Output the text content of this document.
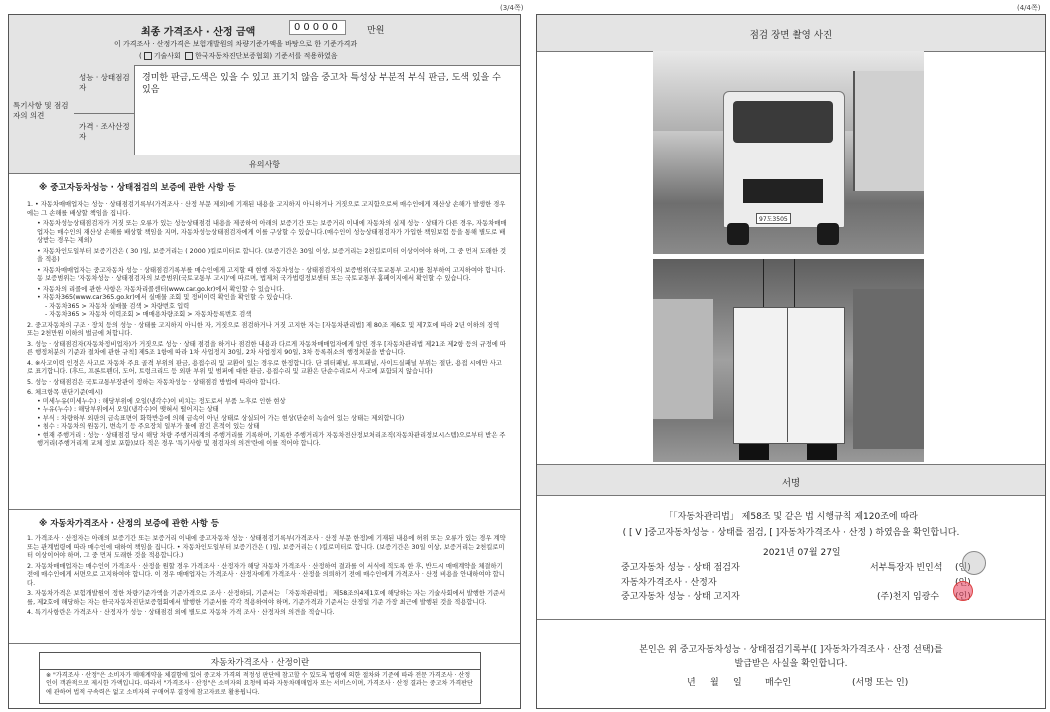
(3/4쪽)
최종 가격조사 · 산정 금액	00000	만원
이 가격조사 · 산정가격은 보험개발원의 차량기준가액을 바탕으로 한 기준가격과
( 기술사회 한국자동차진단보증협회) 기준서를 적용하였음
특기사항 및 점검자의 의견
성능 · 상태점검자
경미한 판금,도색은 있을 수 있고 표기치 않음 중고차 특성상 부분적 부식 판금, 도색 있을 수 있음
가격 · 조사산정자
유의사항
※ 중고자동차성능 · 상태점검의 보증에 관한 사항 등

1. • 자동차매매업자는 성능 · 상태점검기록부(가격조사 · 산정 부문 제외)에 기재된 내용을 고지하지 아니하거나 거짓으로 고지함으로써 매수인에게 재산상 손해가 발생한 경우에는 그 손해를 배상할 책임을 집니다.

• 자동차성능상태점검자가 거짓 또는 오류가 있는 성능상태점검 내용을 제공하여 아래의 보증기간 또는 보증거리 이내에 자동차의 실제 성능 · 상태가 다른 경우, 자동차매매업자는 매수인의 재산상 손해를 배상할 책임을 지며, 자동차성능상태점검자에게 이를 구상할 수 있습니다.(매수인이 성능상태점검자가 가입한 책임보험 등을 통해 별도로 배상받는 경우는 제외)

• 자동차인도일부터 보증기간은 ( 30 )일, 보증거리는 ( 2000 )킬로미터로 합니다. (보증기간은 30일 이상, 보증거리는 2천킬로미터 이상이어야 하며, 그 중 먼저 도래한 것을 적용)

• 자동차매매업자는 중고자동차 성능 · 상태점검기록부를 매수인에게 고지할 때 현행 자동차성능 · 상태점검자의 보증범위(국토교통부 고시)를 첨부하여 고지하여야 합니다. 동 보증범위는 '자동차성능 · 상태점검자의 보증범위(국토교통부 고시)'에 따르며, 법제처 국가법령정보센터 또는 국토교통부 홈페이지에서 확인할 수 있습니다.

• 자동차의 리콜에 관한 사항은 자동차리콜센터(www.car.go.kr)에서 확인할 수 있습니다.

• 자동차365(www.car365.go.kr)에서 실매물 조회 및 정비이력 확인을 확인할 수 있습니다.

- 자동차365 > 자동차 실매물 검색 > 차량번호 입력

- 자동차365 > 자동차 이력조회 > 매매용차량조회 > 자동차등록번호 검색

2. 중고자동차의 구조 · 장치 등의 성능 · 상태를 고지하지 아니한 자, 거짓으로 점검하거나 거짓 고지한 자는 [자동차관리법] 제 80조 제6호 및 제7호에 따라 2년 이하의 징역 또는 2천만원 이하의 벌금에 처합니다.

3. 성능 · 상태점검자(자동차정비업자)가 거짓으로 성능 · 상태 점검을 하거나 점검한 내용과 다르게 자동차매매업자에게 알린 경우 [자동차관리법 제21조 제2항 등의 규정에 따른 행정처분의 기준과 절차에 관한 규칙] 제5조 1항에 따라 1차 사업정지 30일, 2차 사업정지 90일, 3차 등록취소의 행정처분을 받습니다.

4. ※사고이력 인정은 사고로 자동차 주요 골격 부위의 판금, 용접수리 및 교환이 있는 경우로 한정합니다. 단 쿼터패널, 루프패널, 사이드실패널 부위는 절단, 용접 시에만 사고로 표기합니다. (후드, 프론트펜더, 도어, 트렁크리드 등 외판 부위 및 범퍼에 대한 판금, 용접수리 및 교환은 단순수리로서 사고에 포함되지 않습니다)

5. 성능 · 상태점검은 국토교통부장관이 정하는 자동차성능 · 상태점검 방법에 따라야 합니다.

6. 체크항목 판단기준(예시)

• 미세누유(미세누수) : 해당부위에 오일(냉각수)이 비치는 정도로서 부품 노후로 인한 현상

• 누유(누수) : 해당부위에서 오일(냉각수)이 맺혀서 떨어지는 상태

• 부식 : 차량하부 외판의 금속표면이 화학반응에 의해 금속이 아닌 상태로 상실되어 가는 현상(단순히 녹슬어 있는 상태는 제외합니다)

• 침수 : 자동차의 원동기, 변속기 등 주요장치 일부가 물에 잠긴 흔적이 있는 상태

• 현재 주행거리 : 성능 · 상태점검 당시 해당 차량 주행거리계의 주행거리를 기록하며, 기록한 주행거리가 자동차전산정보처리조직(자동차관리정보시스템)으로부터 받은 주행거리(주행거리계 교체 정보 포함)보다 적은 경우 '특기사항 및 점검자의 의견'란에 이를 적어야 합니다.

※ 자동차가격조사 · 산정의 보증에 관한 사항 등

1. 가격조사 · 산정자는 아래의 보증기간 또는 보증거리 이내에 중고자동차 성능 · 상태점검기록부(가격조사 · 산정 부문 한정)에 기재된 내용에 허위 또는 오류가 있는 경우 계약 또는 관계법령에 따라 매수인에 대하여 책임을 집니다. • 자동차인도일부터 보증기간은 ( )일, 보증거리는 ( )킬로미터로 합니다. (보증기간은 30일 이상, 보증거리는 2천킬로미터 이상이어야 하며, 그 중 먼저 도래한 것을 적용합니다.)

2. 자동차매매업자는 매수인이 가격조사 · 산정을 원할 경우 가격조사 · 산정자가 해당 자동차 가격조사 · 산정하여 결과를 이 서식에 적도록 한 후, 반드시 매매계약을 체결하기 전에 매수인에게 서면으로 고지하여야 합니다. 이 경우 매매업자는 가격조사 · 산정자에게 가격조사 · 산정을 의뢰하기 전에 매수인에게 가격조사 · 산정 비용을 안내하여야 합니다.

3. 자동차가격은 보험개발원이 정한 차량기준가액을 기준가격으로 조사 · 산정하되, 기준서는 「자동차관리법」 제58조의4제1호에 해당하는 자는 기술사회에서 발행한 기준서를, 제2호에 해당하는 자는 한국자동차진단보증협회에서 발행한 기준서를 각각 적용하여야 하며, 기준가격과 기준서는 산정일 기준 가장 최근에 발행된 것을 적용합니다.

4. 특기사항란은 가격조사 · 산정자가 성능 · 상태점검 외에 별도로 자동차 가격 조사 · 산정자의 의견을 적습니다.

자동차가격조사 · 산정이란
※ "가격조사 · 산정"은 소비자가 매매계약을 체결함에 있어 중고차 가격의 적정성 판단에 참고할 수 있도록 법령에 의한 절차와 기준에 따라 전문 가격조사 · 산정인이 객관적으로 제시한 가액입니다. 따라서 "가격조사 · 산정"은 소비자의 요청에 따라 자동차매매업자 또는 서비스이며, 가격조사 · 산정 결과는 중고차 가격판단에 관하여 법적 구속력은 없고 소비자의 구매여부 결정에 참고자료로 활용됩니다.
(4/4쪽)
점검 장면 촬영 사진
97도3505
서명
「「자동차관리법」 제58조 및 같은 법 시행규칙 제120조에 따라
( [ V ]중고자동차성능 · 상태를 점검, [ ]자동차가격조사 · 산정 ) 하였음을 확인합니다.
2021년 07월 27일
중고자동차 성능 · 상태 점검자	서부특장자 빈인석 (인)
자동차가격조사 · 산정자
중고자동차 성능 · 상태 고지자	(주)천지 임광수
본인은 위 중고자동차성능 · 상태점검기록부([ ]자동차가격조사 · 산정 선택)를
발급받은 사실을 확인합니다.
년     월     일	매수인	(서명 또는 인)
